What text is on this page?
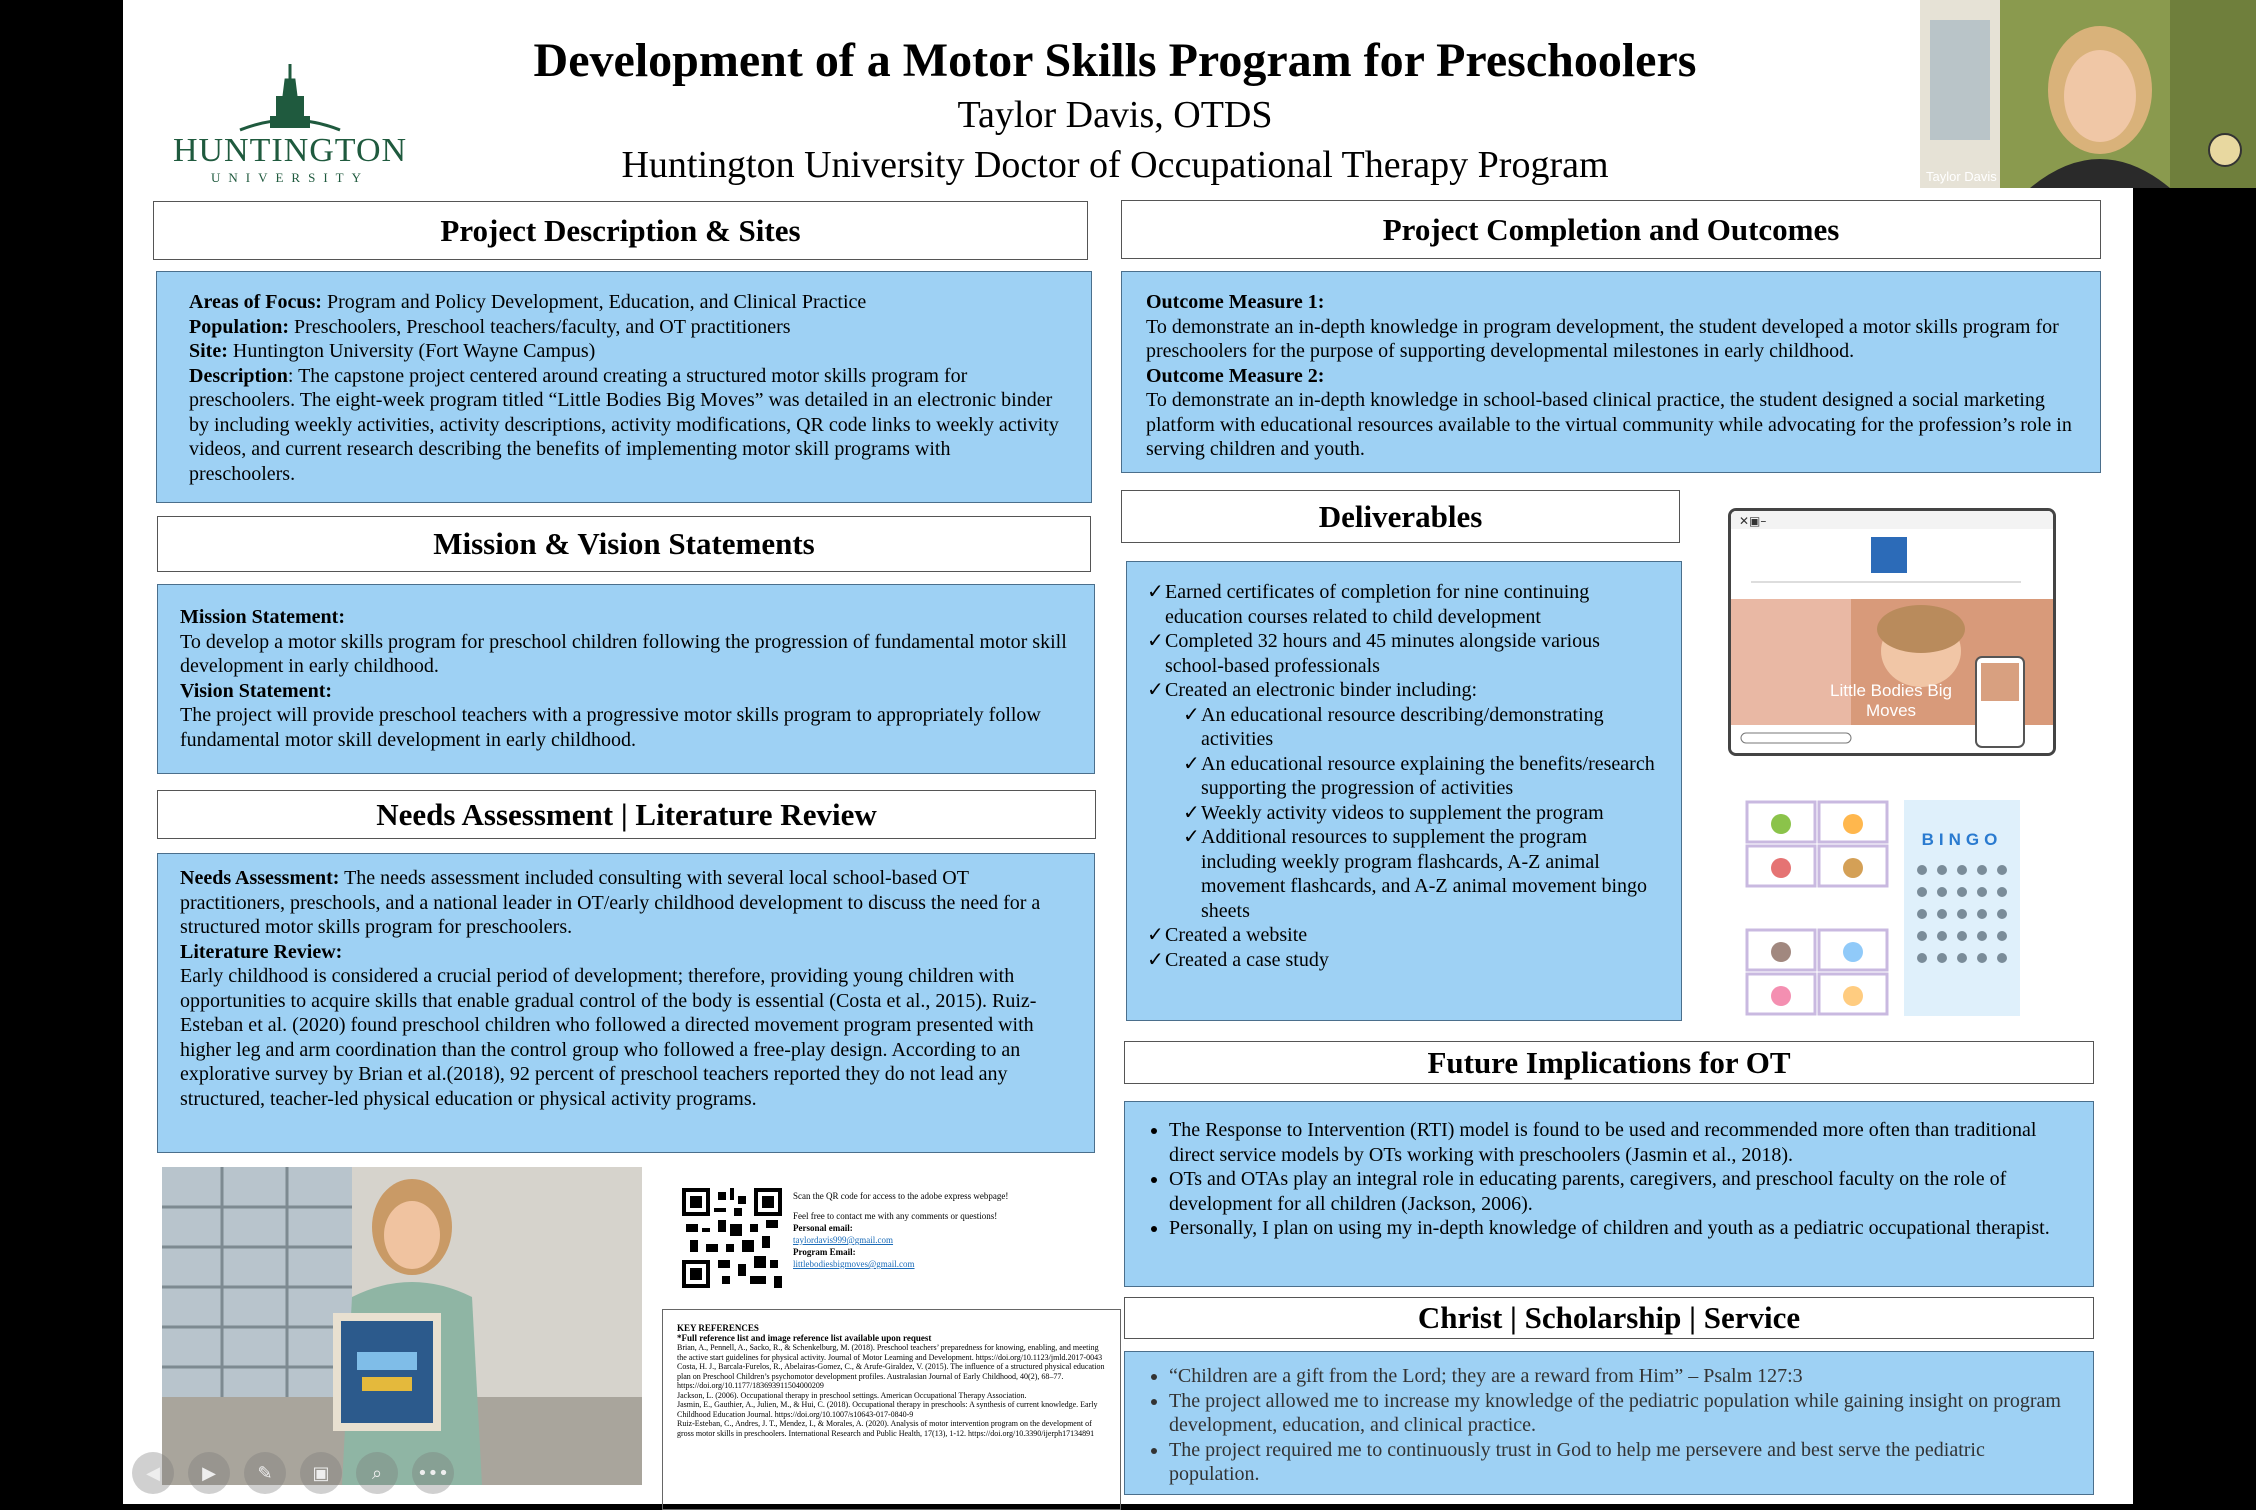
HUNTINGTON
UNIVERSITY
Development of a Motor Skills Program for Preschoolers
Taylor Davis, OTDS
Huntington University Doctor of Occupational Therapy Program	Taylor Davis
Project Description & Sites

Areas of Focus: Program and Policy Development, Education, and Clinical Practice

Population: Preschoolers, Preschool teachers/faculty, and OT practitioners

Site: Huntington University (Fort Wayne Campus)

Description: The capstone project centered around creating a structured motor skills program for preschoolers. The eight-week program titled “Little Bodies Big Moves” was detailed in an electronic binder by including weekly activities, activity descriptions, activity modifications, QR code links to weekly activity videos, and current research describing the benefits of implementing motor skill programs with preschoolers.

Mission & Vision Statements

Mission Statement:

To develop a motor skills program for preschool children following the progression of fundamental motor skill development in early childhood.

Vision Statement:

The project will provide preschool teachers with a progressive motor skills program to appropriately follow fundamental motor skill development in early childhood.

Needs Assessment | Literature Review

Needs Assessment: The needs assessment included consulting with several local school-based OT practitioners, preschools, and a national leader in OT/early childhood development to discuss the need for a structured motor skills program for preschoolers.

Literature Review:

Early childhood is considered a crucial period of development; therefore, providing young children with opportunities to acquire skills that enable gradual control of the body is essential (Costa et al., 2015). Ruiz-Esteban et al. (2020) found preschool children who followed a directed movement program presented with higher leg and arm coordination than the control group who followed a free-play design. According to an explorative survey by Brian et al.(2018), 92 percent of preschool teachers reported they do not lead any structured, teacher-led physical education or physical activity programs.

Scan the QR code for access to the adobe express webpage!
Feel free to contact me with any comments or questions!
Personal email:
taylordavis999@gmail.com
Program Email:
littlebodiesbigmoves@gmail.com
KEY REFERENCES
*Full reference list and image reference list available upon request
Brian, A., Pennell, A., Sacko, R., & Schenkelburg, M. (2018). Preschool teachers’ preparedness for knowing, enabling, and meeting the active start guidelines for physical activity. Journal of Motor Learning and Development. https://doi.org/10.1123/jmld.2017-0043
Costa, H. J., Barcala-Furelos, R., Abelairas-Gomez, C., & Arufe-Giraldez, V. (2015). The influence of a structured physical education plan on Preschool Children’s psychomotor development profiles. Australasian Journal of Early Childhood, 40(2), 68–77. https://doi.org/10.1177/183693911504000209
Jackson, L. (2006). Occupational therapy in preschool settings. American Occupational Therapy Association.
Jasmin, E., Gauthier, A., Julien, M., & Hui, C. (2018). Occupational therapy in preschools: A synthesis of current knowledge. Early Childhood Education Journal. https://doi.org/10.1007/s10643-017-0840-9
Ruiz-Esteban, C., Andres, J. T., Mendez, I., & Morales, A. (2020). Analysis of motor intervention program on the development of gross motor skills in preschoolers. International Research and Public Health, 17(13), 1-12. https://doi.org/10.3390/ijerph17134891
Project Completion and Outcomes

Outcome Measure 1:

To demonstrate an in-depth knowledge in program development, the student developed a motor skills program for preschoolers for the purpose of supporting developmental milestones in early childhood.

Outcome Measure 2:

To demonstrate an in-depth knowledge in school-based clinical practice, the student designed a social marketing platform with educational resources available to the virtual community while advocating for the profession’s role in serving children and youth.

Deliverables
✓ Earned certificates of completion for nine continuing education courses related to child development
✓ Completed 32 hours and 45 minutes alongside various school-based professionals
✓ Created an electronic binder including:
✓ An educational resource describing/demonstrating activities
✓ An educational resource explaining the benefits/research supporting the progression of activities
✓ Weekly activity videos to supplement the program
✓ Additional resources to supplement the program including weekly program flashcards, A-Z animal movement flashcards, and A-Z animal movement bingo sheets
✓ Created a website
✓ Created a case study
✕▣–
Little Bodies Big Moves
BINGO
Future Implications for OT
• The Response to Intervention (RTI) model is found to be used and recommended more often than traditional direct service models by OTs working with preschoolers (Jasmin et al., 2018).
• OTs and OTAs play an integral role in educating parents, caregivers, and preschool faculty on the role of development for all children (Jackson, 2006).
• Personally, I plan on using my in-depth knowledge of children and youth as a pediatric occupational therapist.
Christ | Scholarship | Service
• “Children are a gift from the Lord; they are a reward from Him” – Psalm 127:3
• The project allowed me to increase my knowledge of the pediatric population while gaining insight on program development, education, and clinical practice.
• The project required me to continuously trust in God to help me persevere and best serve the pediatric population.
◀	▶	✎	▣	⌕	•••
